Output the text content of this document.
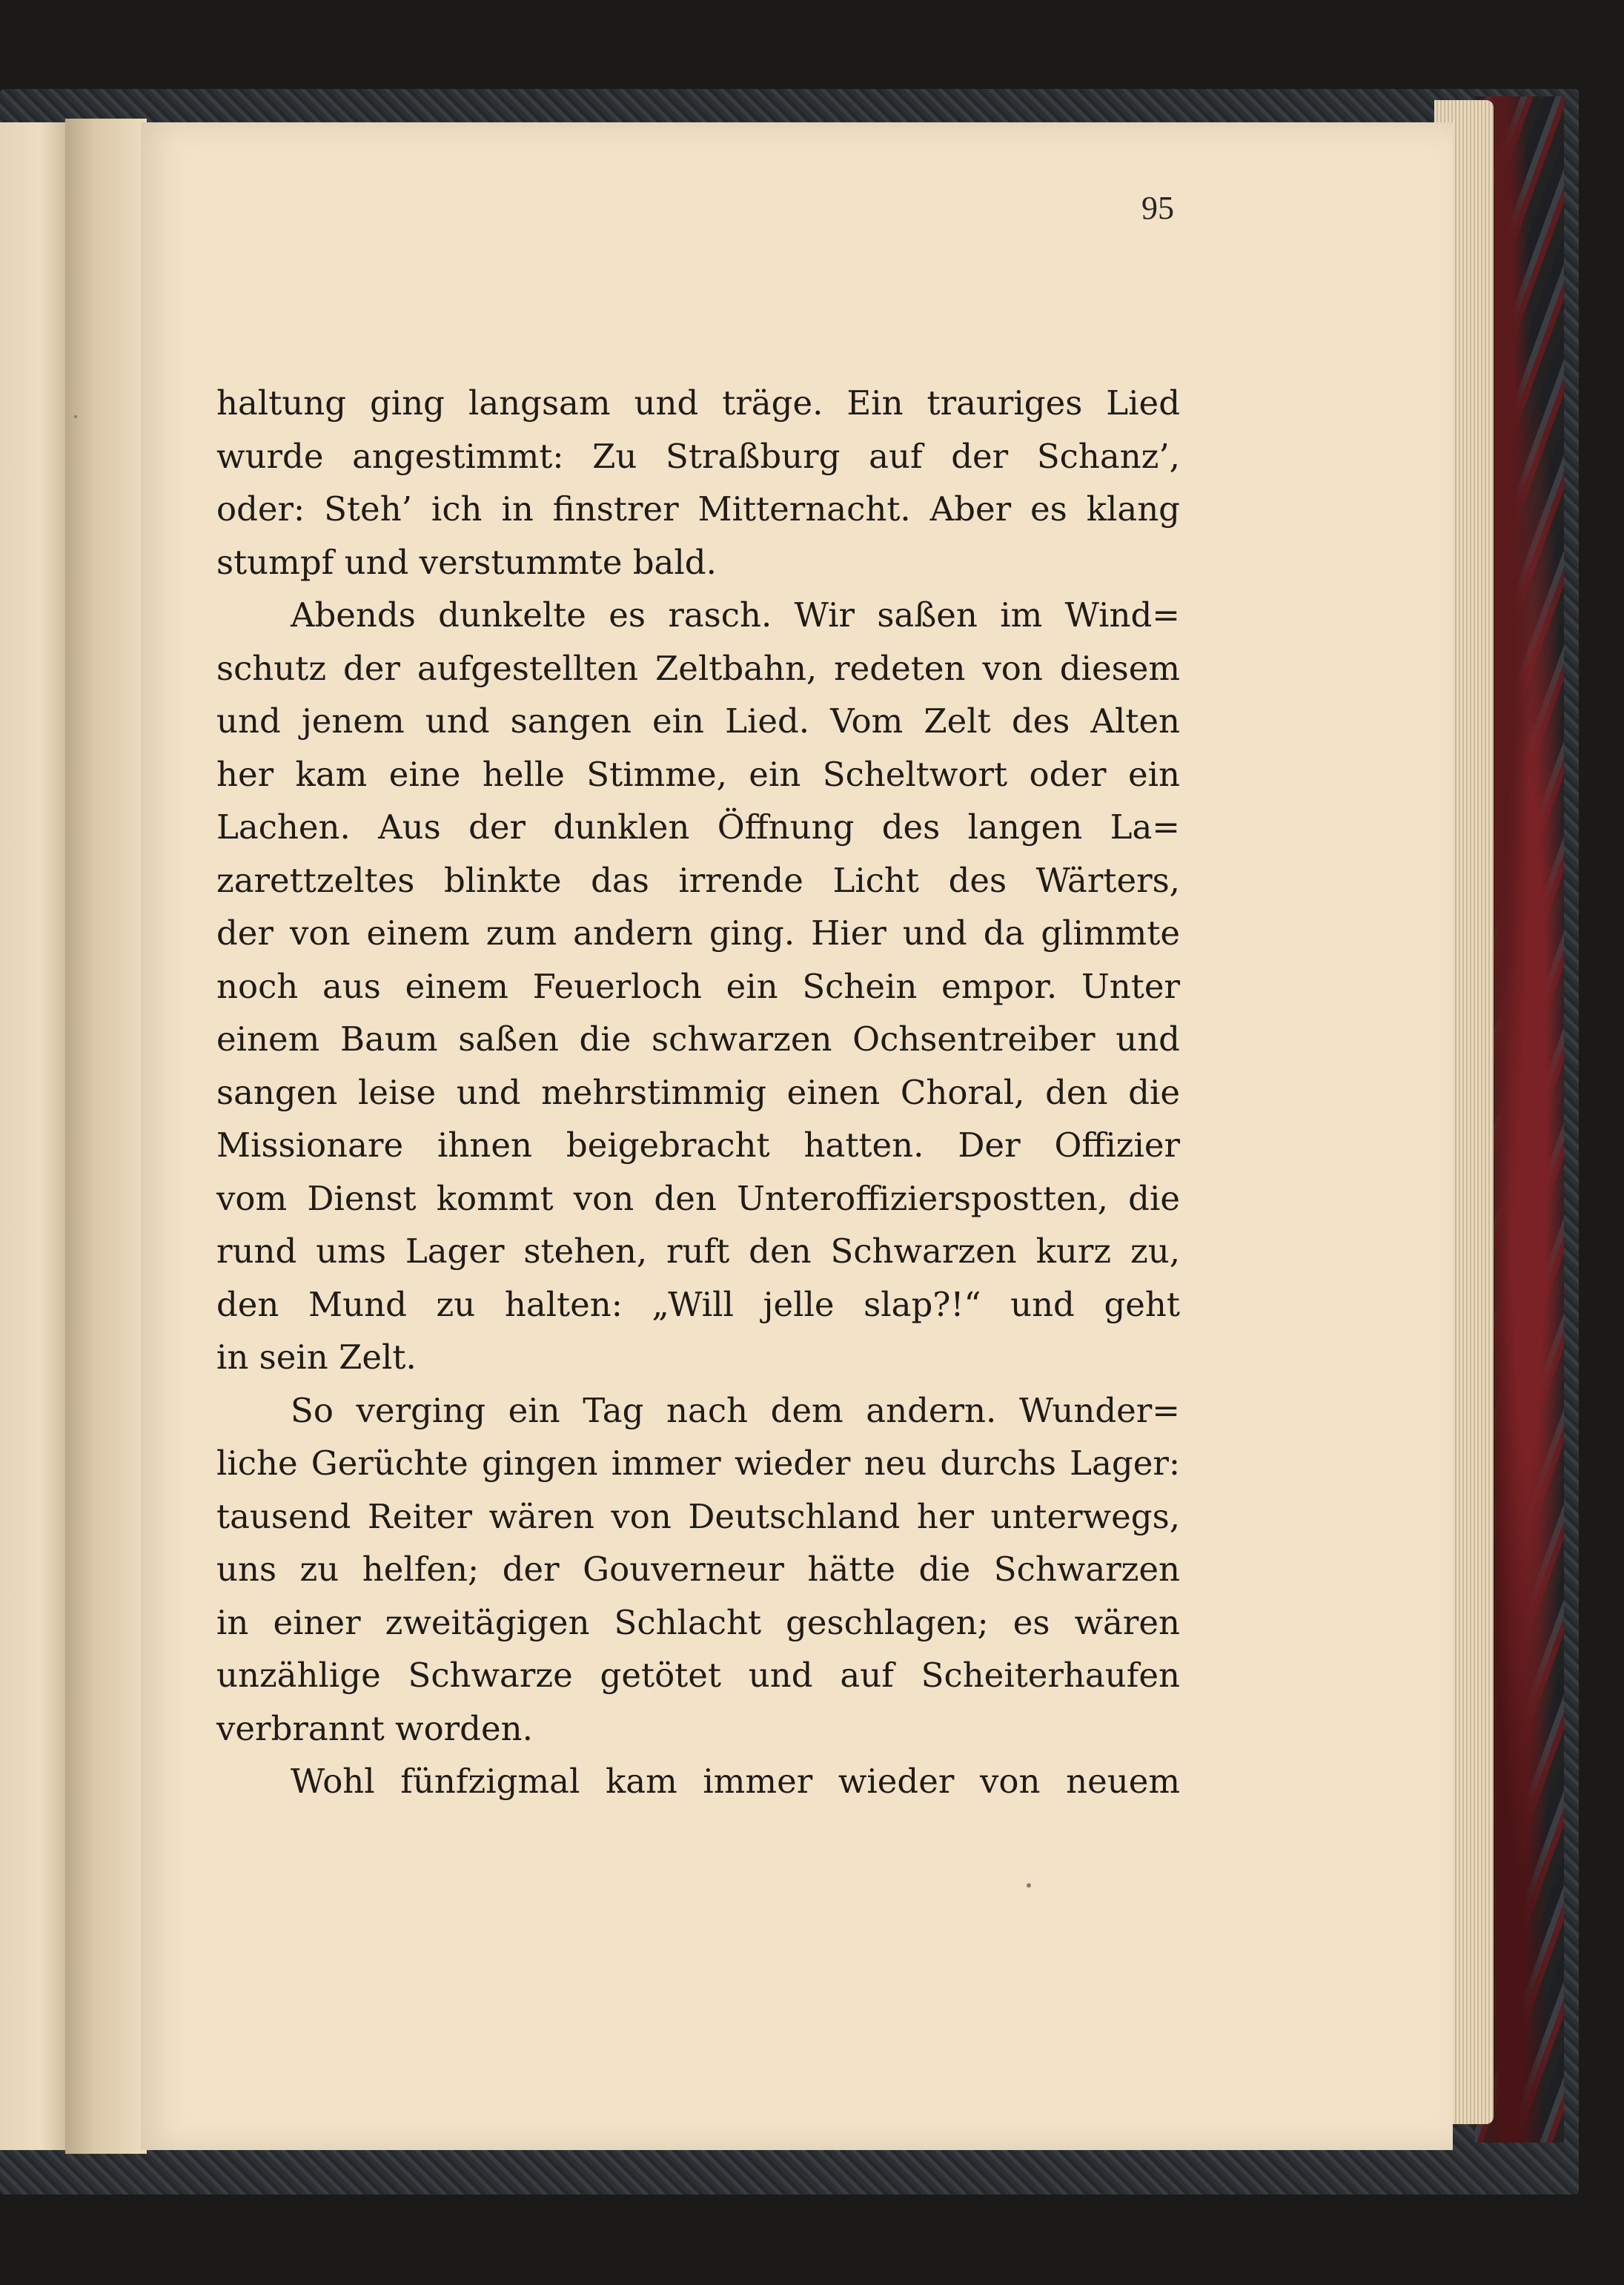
95
haltung ging langsam und träge. Ein trauriges Lied
wurde angestimmt: Zu Straßburg auf der Schanz’,
oder: Steh’ ich in finstrer Mitternacht. Aber es klang
stumpf und verstummte bald.
Abends dunkelte es rasch. Wir saßen im Wind=
schutz der aufgestellten Zeltbahn, redeten von diesem
und jenem und sangen ein Lied. Vom Zelt des Alten
her kam eine helle Stimme, ein Scheltwort oder ein
Lachen. Aus der dunklen Öffnung des langen La=
zarettzeltes blinkte das irrende Licht des Wärters,
der von einem zum andern ging. Hier und da glimmte
noch aus einem Feuerloch ein Schein empor. Unter
einem Baum saßen die schwarzen Ochsentreiber und
sangen leise und mehrstimmig einen Choral, den die
Missionare ihnen beigebracht hatten. Der Offizier
vom Dienst kommt von den Unteroffizierspostten, die
rund ums Lager stehen, ruft den Schwarzen kurz zu,
den Mund zu halten: „Will jelle slap?!“ und geht
in sein Zelt.
So verging ein Tag nach dem andern. Wunder=
liche Gerüchte gingen immer wieder neu durchs Lager:
tausend Reiter wären von Deutschland her unterwegs,
uns zu helfen; der Gouverneur hätte die Schwarzen
in einer zweitägigen Schlacht geschlagen; es wären
unzählige Schwarze getötet und auf Scheiterhaufen
verbrannt worden.
Wohl fünfzigmal kam immer wieder von neuem
